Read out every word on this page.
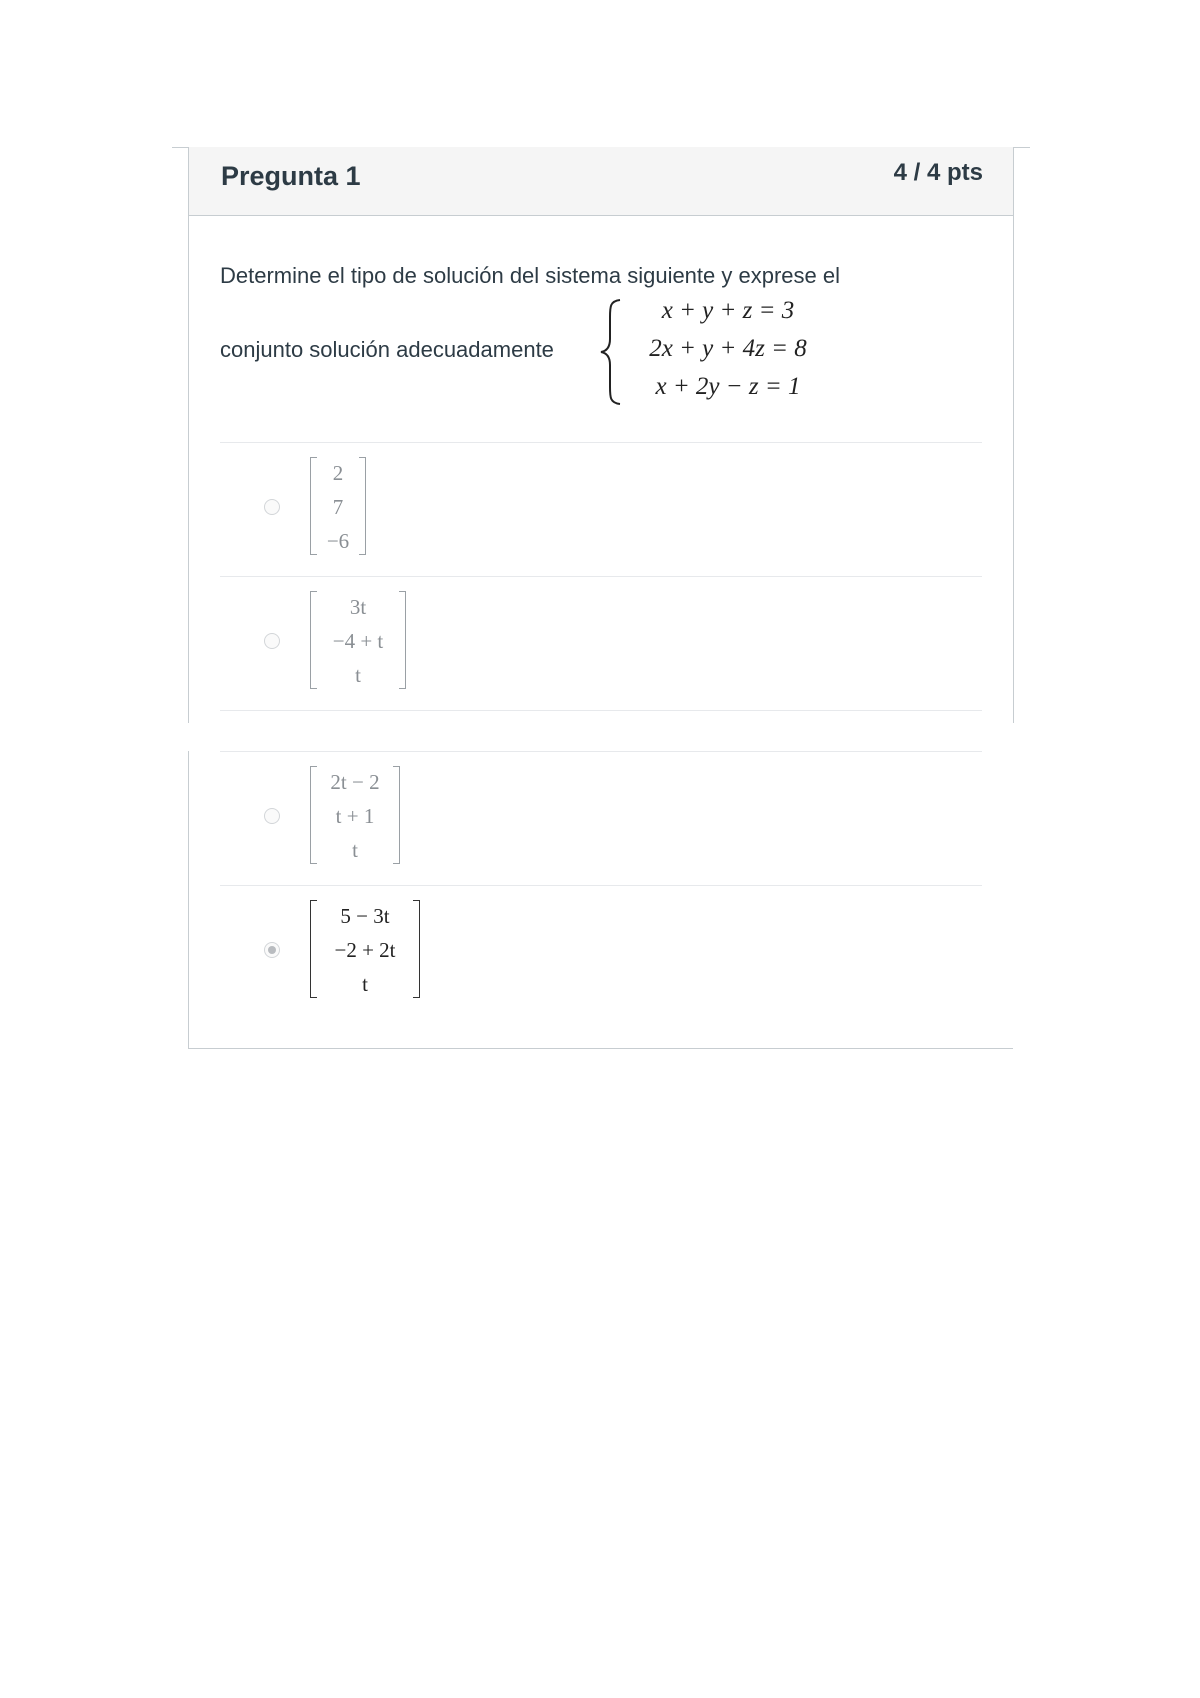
Pregunta 1	4 / 4 pts
Determine el tipo de solución del sistema siguiente y exprese el
conjunto solución adecuadamente
x + y + z = 3
2x + y + 4z = 8
x + 2y − z = 1
2
7
−6
3t
−4 + t
t
2t − 2
t + 1
t
5 − 3t
−2 + 2t
t
